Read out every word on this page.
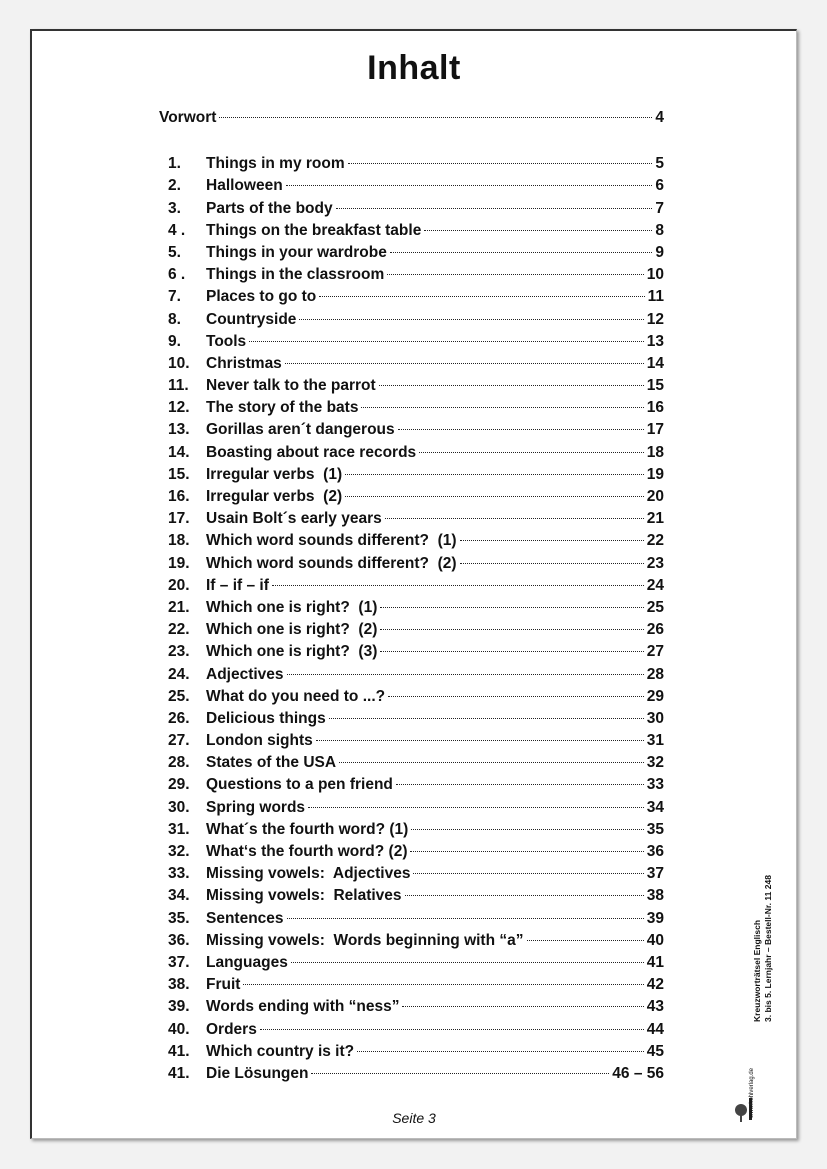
Inhalt
Vorwort	4
1.	Things in my room	5
2.	Halloween	6
3.	Parts of the body	7
4 .	Things on the breakfast table	8
5.	Things in your wardrobe	9
6 .	Things in the classroom	10
7.	Places to go to	11
8.	Countryside	12
9.	Tools	13
10.	Christmas	14
11.	Never talk to the parrot	15
12.	The story of the bats	16
13.	Gorillas aren´t dangerous	17
14.	Boasting about race records	18
15.	Irregular verbs  (1)	19
16.	Irregular verbs  (2)	20
17.	Usain Bolt´s early years	21
18.	Which word sounds different?  (1)	22
19.	Which word sounds different?  (2)	23
20.	If – if – if	24
21.	Which one is right?  (1)	25
22.	Which one is right?  (2)	26
23.	Which one is right?  (3)	27
24.	Adjectives	28
25.	What do you need to ...?	29
26.	Delicious things	30
27.	London sights	31
28.	States of the USA	32
29.	Questions to a pen friend	33
30.	Spring words	34
31.	What´s the fourth word? (1)	35
32.	What‘s the fourth word? (2)	36
33.	Missing vowels:  Adjectives	37
34.	Missing vowels:  Relatives	38
35.	Sentences	39
36.	Missing vowels:  Words beginning with “a”	40
37.	Languages	41
38.	Fruit	42
39.	Words ending with “ness”	43
40.	Orders	44
41.	Which country is it?	45
41.	Die Lösungen	46 – 56
Seite 3
Kreuzworträtsel Englisch 3. bis 5. Lernjahr – Bestell-Nr. 11 248
www.kohlverlag.de
